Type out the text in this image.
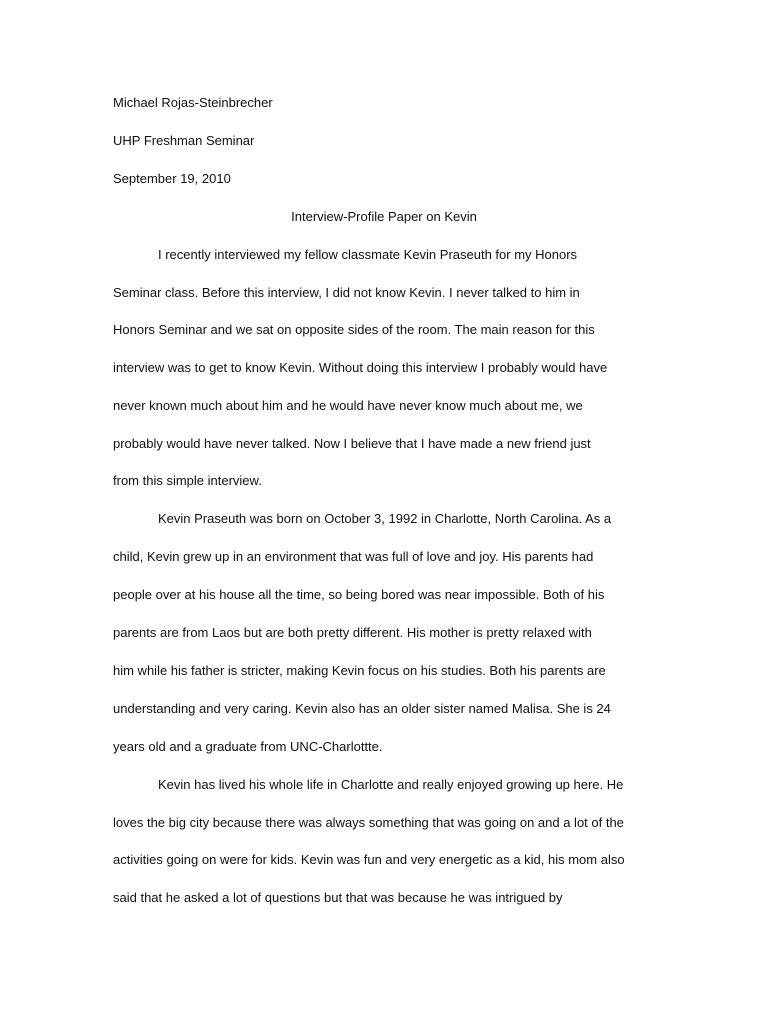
Michael Rojas-Steinbrecher
UHP Freshman Seminar
September 19, 2010
Interview-Profile Paper on Kevin
I recently interviewed my fellow classmate Kevin Praseuth for my Honors
Seminar class. Before this interview, I did not know Kevin. I never talked to him in
Honors Seminar and we sat on opposite sides of the room. The main reason for this
interview was to get to know Kevin. Without doing this interview I probably would have
never known much about him and he would have never know much about me, we
probably would have never talked. Now I believe that I have made a new friend just
from this simple interview.
Kevin Praseuth was born on October 3, 1992 in Charlotte, North Carolina. As a
child, Kevin grew up in an environment that was full of love and joy. His parents had
people over at his house all the time, so being bored was near impossible. Both of his
parents are from Laos but are both pretty different. His mother is pretty relaxed with
him while his father is stricter, making Kevin focus on his studies. Both his parents are
understanding and very caring. Kevin also has an older sister named Malisa. She is 24
years old and a graduate from UNC-Charlottte.
Kevin has lived his whole life in Charlotte and really enjoyed growing up here. He
loves the big city because there was always something that was going on and a lot of the
activities going on were for kids. Kevin was fun and very energetic as a kid, his mom also
said that he asked a lot of questions but that was because he was intrigued by
